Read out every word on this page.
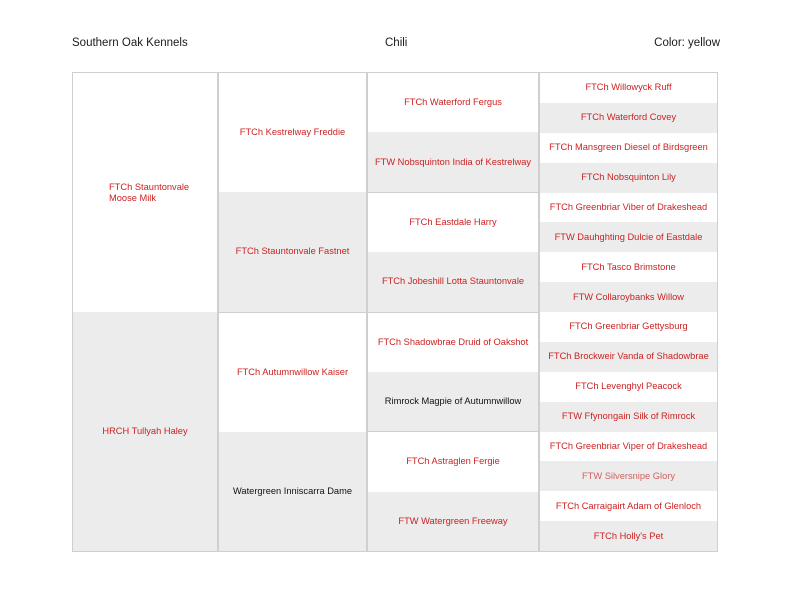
Southern Oak Kennels	Chili	Color: yellow
FTCh Stauntonvale
Moose Milk
HRCH Tullyah Haley
FTCh Kestrelway Freddie
FTCh Stauntonvale Fastnet
FTCh Autumnwillow Kaiser
Watergreen Inniscarra Dame
FTCh Waterford Fergus
FTW Nobsquinton India of Kestrelway
FTCh Eastdale Harry
FTCh Jobeshill Lotta Stauntonvale
FTCh Shadowbrae Druid of Oakshot
Rimrock Magpie of Autumnwillow
FTCh Astraglen Fergie
FTW Watergreen Freeway
FTCh Willowyck Ruff
FTCh Waterford Covey
FTCh Mansgreen Diesel of Birdsgreen
FTCh Nobsquinton Lily
FTCh Greenbriar Viber of Drakeshead
FTW Dauhghting Dulcie of Eastdale
FTCh Tasco Brimstone
FTW Collaroybanks Willow
FTCh Greenbriar Gettysburg
FTCh Brockweir Vanda of Shadowbrae
FTCh Levenghyl Peacock
FTW Ffynongain Silk of Rimrock
FTCh Greenbriar Viper of Drakeshead
FTW Silversnipe Glory
FTCh Carraigairt Adam of Glenloch
FTCh Holly's Pet
